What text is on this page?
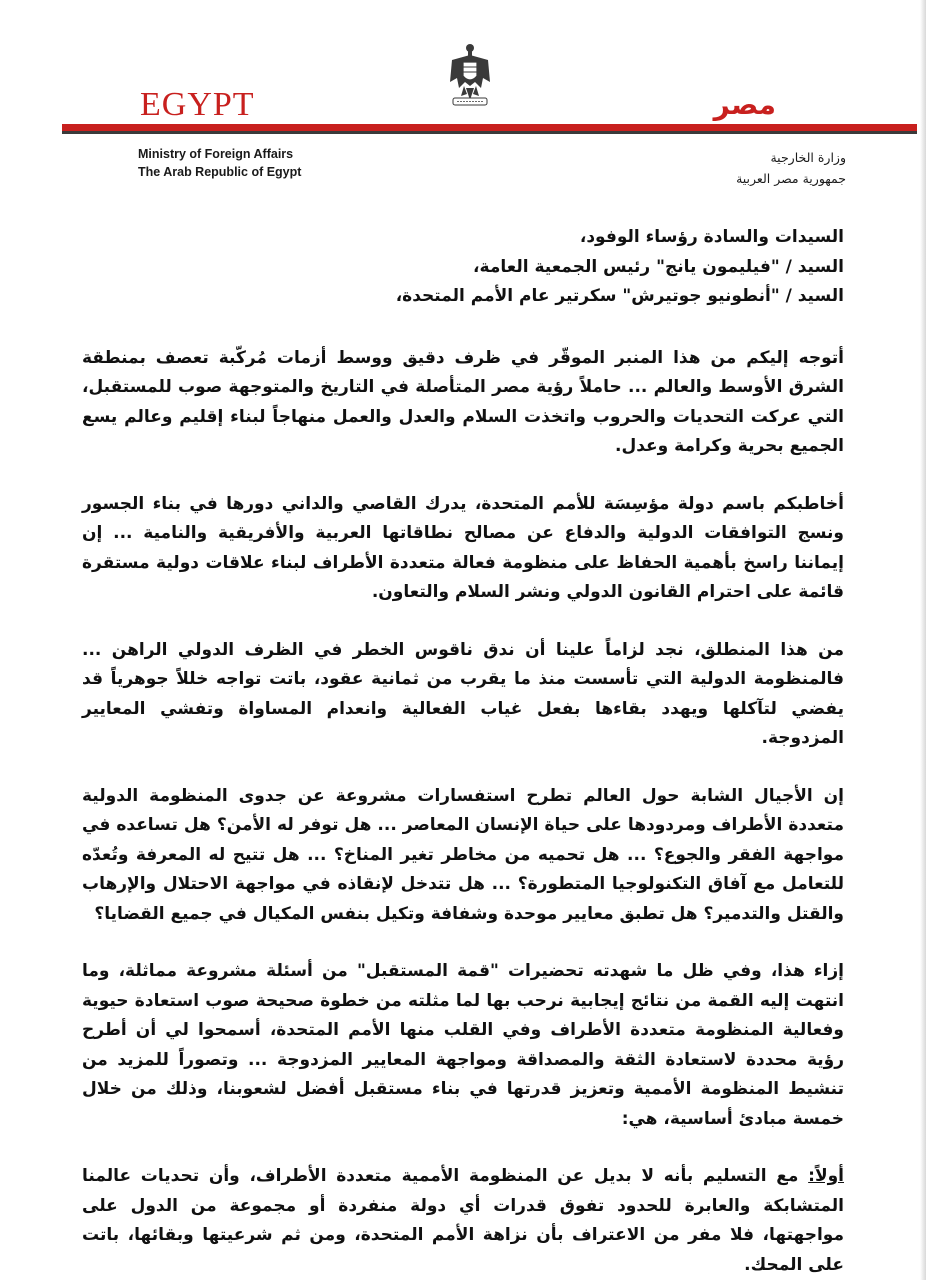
EGYPT	مصر
Ministry of Foreign Affairs
The Arab Republic of Egypt
وزارة الخارجية
جمهورية مصر العربية

السيدات والسادة رؤساء الوفود،

السيد / "فيليمون يانج" رئيس الجمعية العامة،

السيد / "أنطونيو جوتيرش" سكرتير عام الأمم المتحدة،

أتوجه إليكم من هذا المنبر الموقّر في ظرف دقيق ووسط أزمات مُركّبة تعصف بمنطقة الشرق الأوسط والعالم ... حاملاً رؤية مصر المتأصلة في التاريخ والمتوجهة صوب للمستقبل، التي عركت التحديات والحروب واتخذت السلام والعدل والعمل منهاجاً لبناء إقليم وعالم يسع الجميع بحرية وكرامة وعدل.

أخاطبكم باسم دولة مؤسِسَة للأمم المتحدة، يدرك القاصي والداني دورها في بناء الجسور ونسج التوافقات الدولية والدفاع عن مصالح نطاقاتها العربية والأفريقية والنامية ... إن إيماننا راسخ بأهمية الحفاظ على منظومة فعالة متعددة الأطراف لبناء علاقات دولية مستقرة قائمة على احترام القانون الدولي ونشر السلام والتعاون.

من هذا المنطلق، نجد لزاماً علينا أن ندق ناقوس الخطر في الظرف الدولي الراهن ... فالمنظومة الدولية التي تأسست منذ ما يقرب من ثمانية عقود، باتت تواجه خللاً جوهرياً قد يفضي لتآكلها ويهدد بقاءها بفعل غياب الفعالية وانعدام المساواة وتفشي المعايير المزدوجة.

إن الأجيال الشابة حول العالم تطرح استفسارات مشروعة عن جدوى المنظومة الدولية متعددة الأطراف ومردودها على حياة الإنسان المعاصر ... هل توفر له الأمن؟ هل تساعده في مواجهة الفقر والجوع؟ ... هل تحميه من مخاطر تغير المناخ؟ ... هل تتيح له المعرفة وتُعدّه للتعامل مع آفاق التكنولوجيا المتطورة؟ ... هل تتدخل لإنقاذه في مواجهة الاحتلال والإرهاب والقتل والتدمير؟ هل تطبق معايير موحدة وشفافة وتكيل بنفس المكيال في جميع القضايا؟

إزاء هذا، وفي ظل ما شهدته تحضيرات "قمة المستقبل" من أسئلة مشروعة مماثلة، وما انتهت إليه القمة من نتائج إيجابية نرحب بها لما مثلته من خطوة صحيحة صوب استعادة حيوية وفعالية المنظومة متعددة الأطراف وفي القلب منها الأمم المتحدة، أسمحوا لي أن أطرح رؤية محددة لاستعادة الثقة والمصداقة ومواجهة المعايير المزدوجة ... وتصوراً للمزيد من تنشيط المنظومة الأممية وتعزيز قدرتها في بناء مستقبل أفضل لشعوبنا، وذلك من خلال خمسة مبادئ أساسية، هي:

أولاً: مع التسليم بأنه لا بديل عن المنظومة الأممية متعددة الأطراف، وأن تحديات عالمنا المتشابكة والعابرة للحدود تفوق قدرات أي دولة منفردة أو مجموعة من الدول على مواجهتها، فلا مفر من الاعتراف بأن نزاهة الأمم المتحدة، ومن ثم شرعيتها وبقائها، باتت على المحك.
